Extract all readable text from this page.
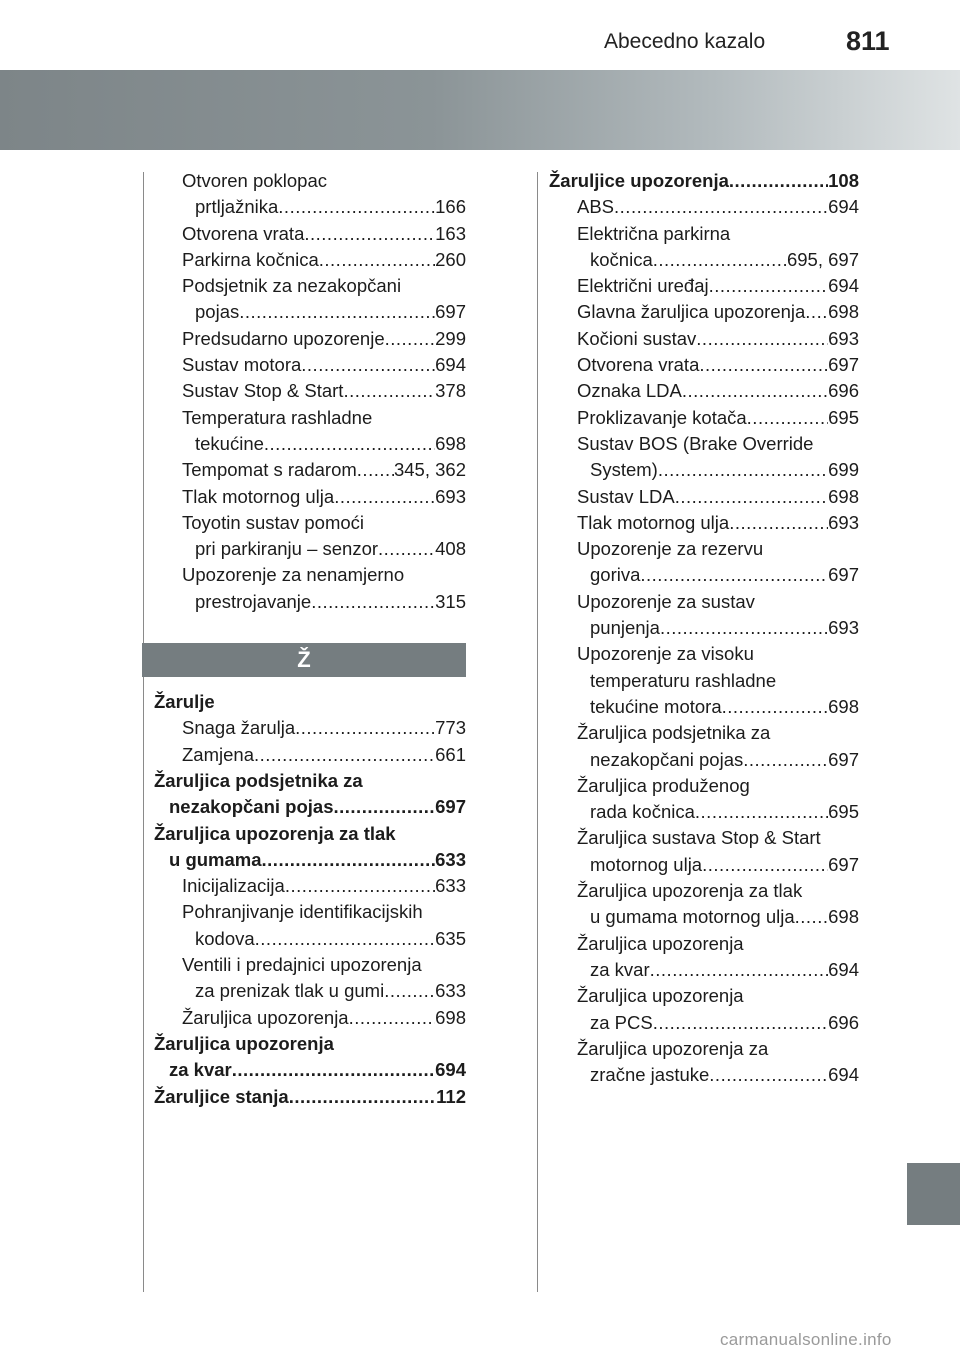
Abecedno kazalo	811
Otvoren poklopac
prtljažnika .....	166
Otvorena vrata .....	163
Parkirna kočnica .....	260
Podsjetnik za nezakopčani
pojas .....	697
Predsudarno upozorenje .....	299
Sustav motora .....	694
Sustav Stop & Start .....	378
Temperatura rashladne
tekućine .....	698
Tempomat s radarom ..... 345, 362
Tlak motornog ulja .....	693
Toyotin sustav pomoći
pri parkiranju – senzor .....	408
Upozorenje za nenamjerno
prestrojavanje .....	315
Ž
Žarulje
Snaga žarulja .....	773
Zamjena .....	661
Žaruljica podsjetnika za
nezakopčani pojas .....	697
Žaruljica upozorenja za tlak
u gumama .....	633
Inicijalizacija .....	633
Pohranjivanje identifikacijskih
kodova .....	635
Ventili i predajnici upozorenja
za prenizak tlak u gumi .....	633
Žaruljica upozorenja .....	698
Žaruljica upozorenja
za kvar .....	694
Žaruljice stanja .....	112
Žaruljice upozorenja .....	108
ABS .....	694
Električna parkirna
kočnica .....	695, 697
Električni uređaj .....	694
Glavna žaruljica upozorenja ..... 698
Kočioni sustav .....	693
Otvorena vrata .....	697
Oznaka LDA .....	696
Proklizavanje kotača .....	695
Sustav BOS (Brake Override
System) .....	699
Sustav LDA .....	698
Tlak motornog ulja .....	693
Upozorenje za rezervu
goriva .....	697
Upozorenje za sustav
punjenja .....	693
Upozorenje za visoku
temperaturu rashladne
tekućine motora .....	698
Žaruljica podsjetnika za
nezakopčani pojas .....	697
Žaruljica produženog
rada kočnica .....	695
Žaruljica sustava Stop & Start
motornog ulja .....	697
Žaruljica upozorenja za tlak
u gumama motornog ulja ..... 698
Žaruljica upozorenja
za kvar .....	694
Žaruljica upozorenja
za PCS .....	696
Žaruljica upozorenja za
zračne jastuke .....	694
carmanualsonline.info
